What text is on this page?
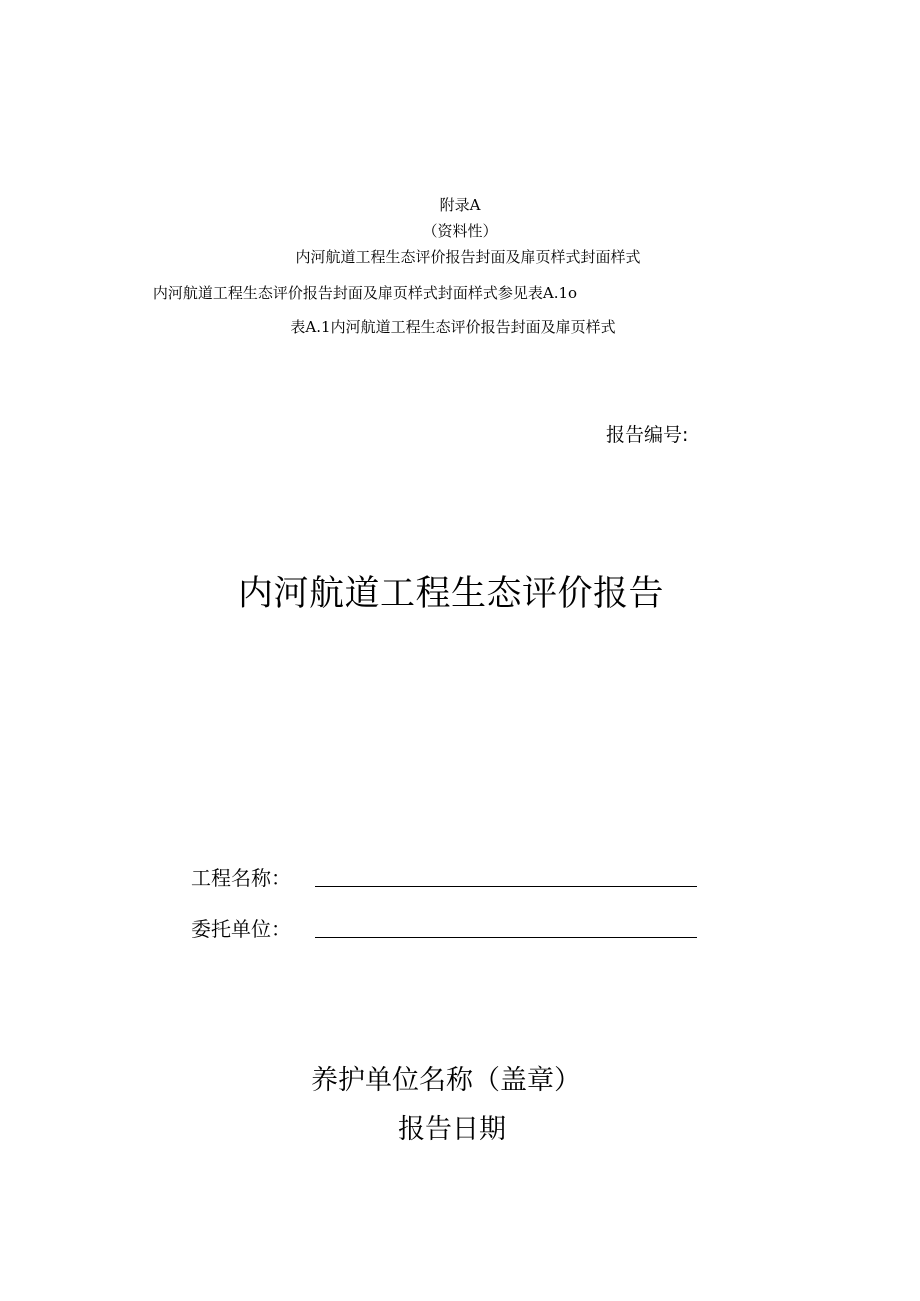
附录A
（资料性）
内河航道工程生态评价报告封面及扉页样式封面样式
内河航道工程生态评价报告封面及扉页样式封面样式参见表A.1o
表A.1内河航道工程生态评价报告封面及扉页样式
报告编号:
内河航道工程生态评价报告
工程名称：
委托单位：
养护单位名称（盖章）
报告日期
